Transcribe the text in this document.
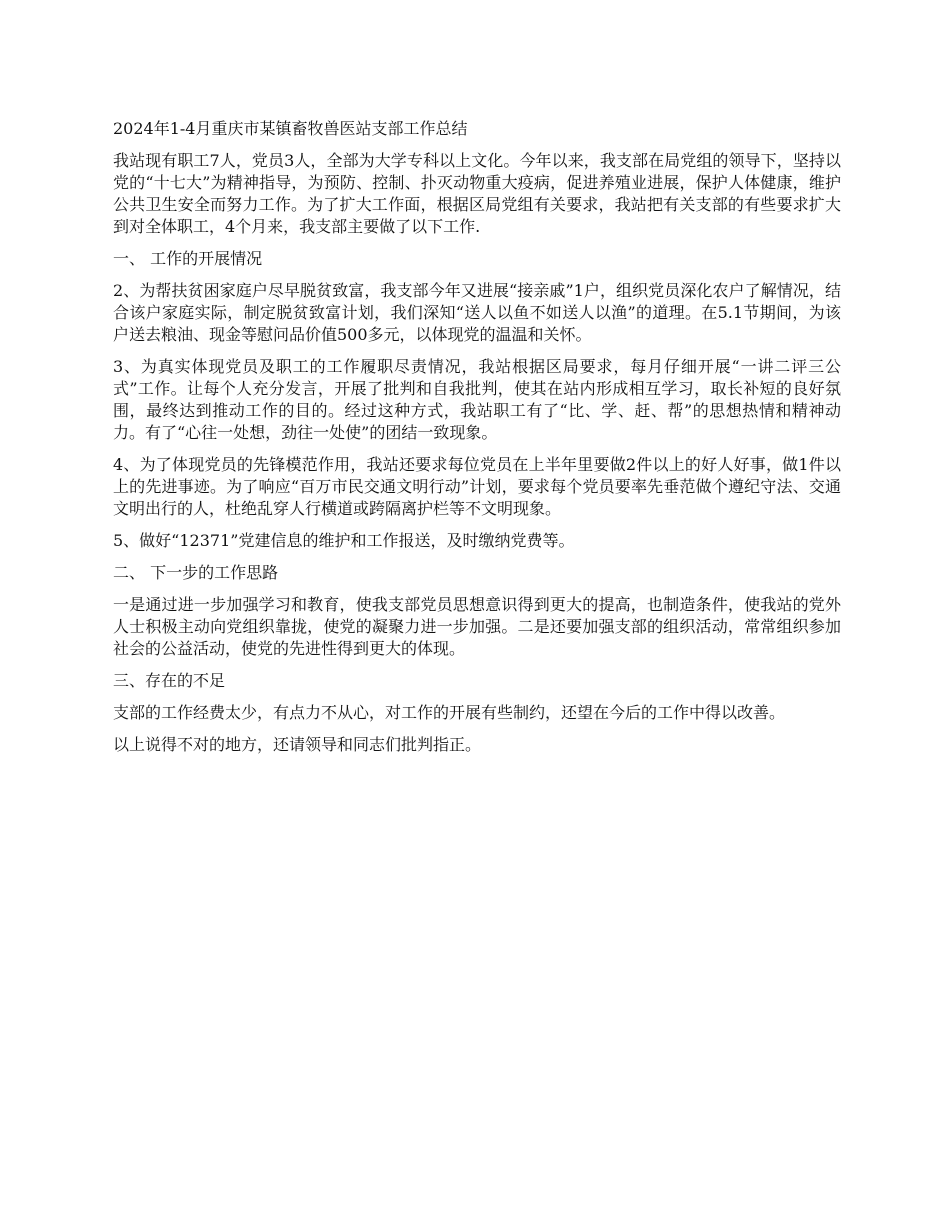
2024年1-4月重庆市某镇畜牧兽医站支部工作总结

我站现有职工7人，党员3人，全部为大学专科以上文化。今年以来，我支部在局党组的领导下，坚持以党的“十七大”为精神指导，为预防、控制、扑灭动物重大疫病，促进养殖业进展，保护人体健康，维护公共卫生安全而努力工作。为了扩大工作面，根据区局党组有关要求，我站把有关支部的有些要求扩大到对全体职工，4个月来，我支部主要做了以下工作.

一、 工作的开展情况

2、为帮扶贫困家庭户尽早脱贫致富，我支部今年又进展“接亲戚”1户，组织党员深化农户了解情况，结合该户家庭实际，制定脱贫致富计划，我们深知“送人以鱼不如送人以渔”的道理。在5.1节期间，为该户送去粮油、现金等慰问品价值500多元，以体现党的温温和关怀。

3、为真实体现党员及职工的工作履职尽责情况，我站根据区局要求，每月仔细开展“一讲二评三公式”工作。让每个人充分发言，开展了批判和自我批判，使其在站内形成相互学习，取长补短的良好氛围，最终达到推动工作的目的。经过这种方式，我站职工有了“比、学、赶、帮”的思想热情和精神动力。有了“心往一处想，劲往一处使”的团结一致现象。

4、为了体现党员的先锋模范作用，我站还要求每位党员在上半年里要做2件以上的好人好事，做1件以上的先进事迹。为了响应“百万市民交通文明行动”计划，要求每个党员要率先垂范做个遵纪守法、交通文明出行的人，杜绝乱穿人行横道或跨隔离护栏等不文明现象。

5、做好“12371”党建信息的维护和工作报送，及时缴纳党费等。

二、 下一步的工作思路

一是通过进一步加强学习和教育，使我支部党员思想意识得到更大的提高，也制造条件，使我站的党外人士积极主动向党组织靠拢，使党的凝聚力进一步加强。二是还要加强支部的组织活动，常常组织参加社会的公益活动，使党的先进性得到更大的体现。

三、存在的不足

支部的工作经费太少，有点力不从心，对工作的开展有些制约，还望在今后的工作中得以改善。

以上说得不对的地方，还请领导和同志们批判指正。
